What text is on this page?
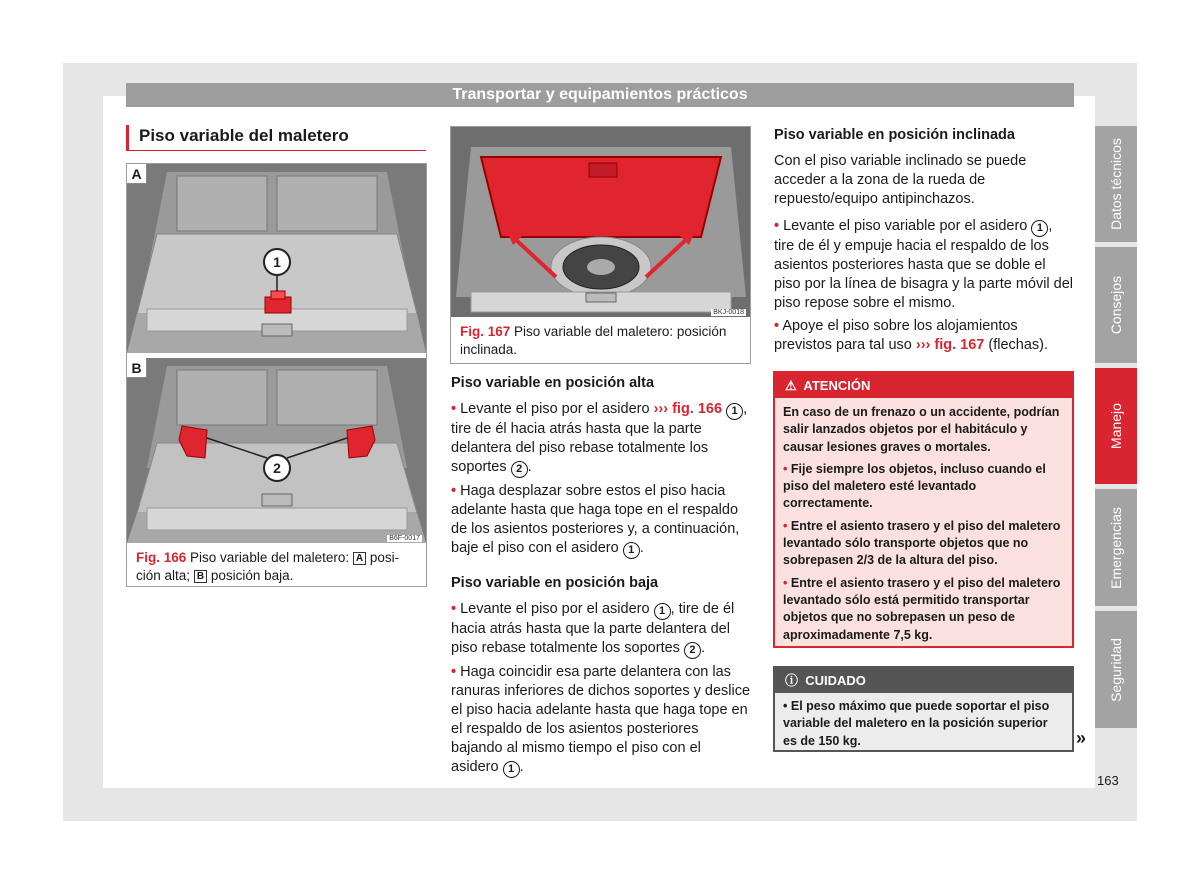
Transportar y equipamientos prácticos
Datos técnicos
Consejos
Manejo
Emergencias
Seguridad
163
Piso variable del maletero
A
1
B
2
B6F-0017
Fig. 166 Piso variable del maletero: A posi-
ción alta; B posición baja.
BKJ-0018
Fig. 167 Piso variable del maletero: posición inclinada.
Piso variable en posición alta

• Levante el piso por el asidero ››› fig. 166 1 , tire de él hacia atrás hasta que la parte delantera del piso rebase totalmente los soportes 2 .

• Haga desplazar sobre estos el piso hacia adelante hasta que haga tope en el respaldo de los asientos posteriores y, a continuación, baje el piso con el asidero 1 .

Piso variable en posición baja

• Levante el piso por el asidero 1 , tire de él hacia atrás hasta que la parte delantera del piso rebase totalmente los soportes 2 .

• Haga coincidir esa parte delantera con las ranuras inferiores de dichos soportes y deslice el piso hacia adelante hasta que haga tope en el respaldo de los asientos posteriores bajando al mismo tiempo el piso con el asidero 1 .

Piso variable en posición inclinada

Con el piso variable inclinado se puede acceder a la zona de la rueda de repuesto/equipo antipinchazos.

• Levante el piso variable por el asidero 1 , tire de él y empuje hacia el respaldo de los asientos posteriores hasta que se doble el piso por la línea de bisagra y la parte móvil del piso repose sobre el mismo.

• Apoye el piso sobre los alojamientos previstos para tal uso ››› fig. 167 (flechas).

⚠ ATENCIÓN

En caso de un frenazo o un accidente, podrían salir lanzados objetos por el habitáculo y causar lesiones graves o mortales.

• Fije siempre los objetos, incluso cuando el piso del maletero esté levantado correctamente.

• Entre el asiento trasero y el piso del maletero levantado sólo transporte objetos que no sobrepasen 2/3 de la altura del piso.

• Entre el asiento trasero y el piso del maletero levantado sólo está permitido transportar objetos que no sobrepasen un peso de aproximadamente 7,5 kg.

ⓘ CUIDADO

• El peso máximo que puede soportar el piso variable del maletero en la posición superior es de 150 kg.	»
